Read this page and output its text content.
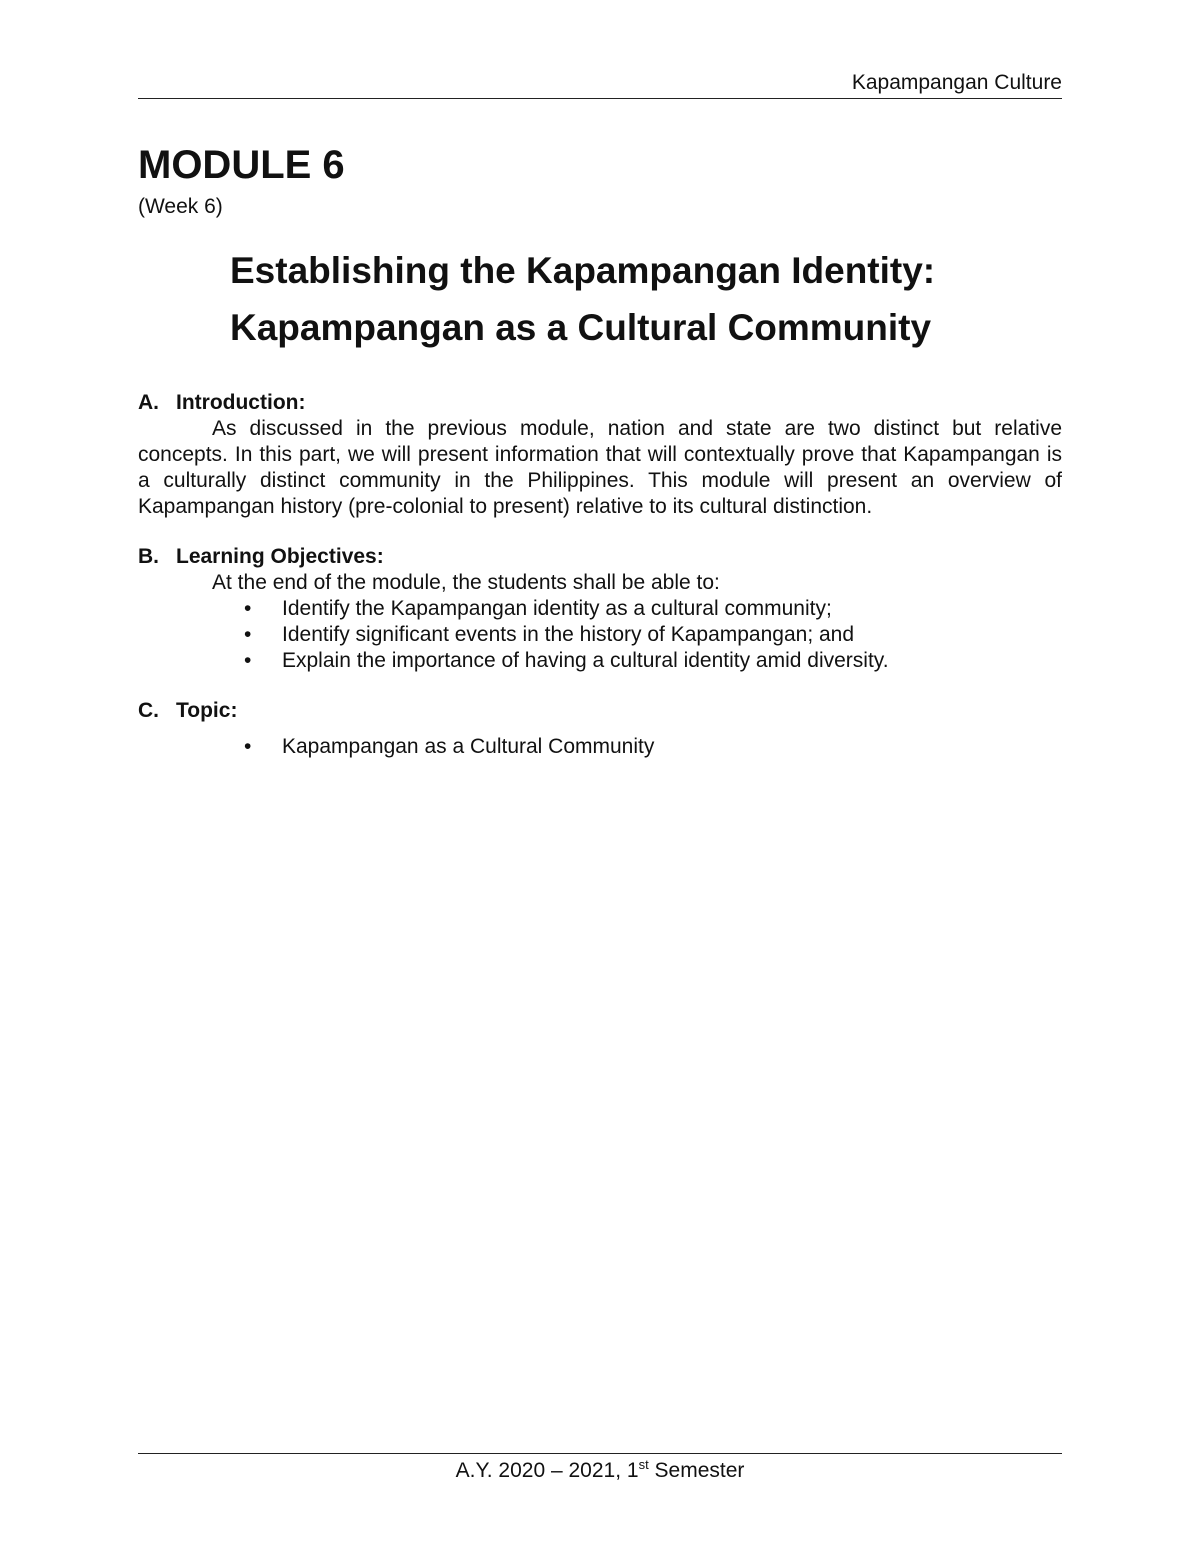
Kapampangan Culture
MODULE 6
(Week 6)
Establishing the Kapampangan Identity:
Kapampangan as a Cultural Community
A. Introduction:
As discussed in the previous module, nation and state are two distinct but relative concepts. In this part, we will present information that will contextually prove that Kapampangan is a culturally distinct community in the Philippines. This module will present an overview of Kapampangan history (pre-colonial to present) relative to its cultural distinction.
B. Learning Objectives:
At the end of the module, the students shall be able to:
• Identify the Kapampangan identity as a cultural community;
• Identify significant events in the history of Kapampangan; and
• Explain the importance of having a cultural identity amid diversity.
C. Topic:
• Kapampangan as a Cultural Community
A.Y. 2020 – 2021, 1st Semester
